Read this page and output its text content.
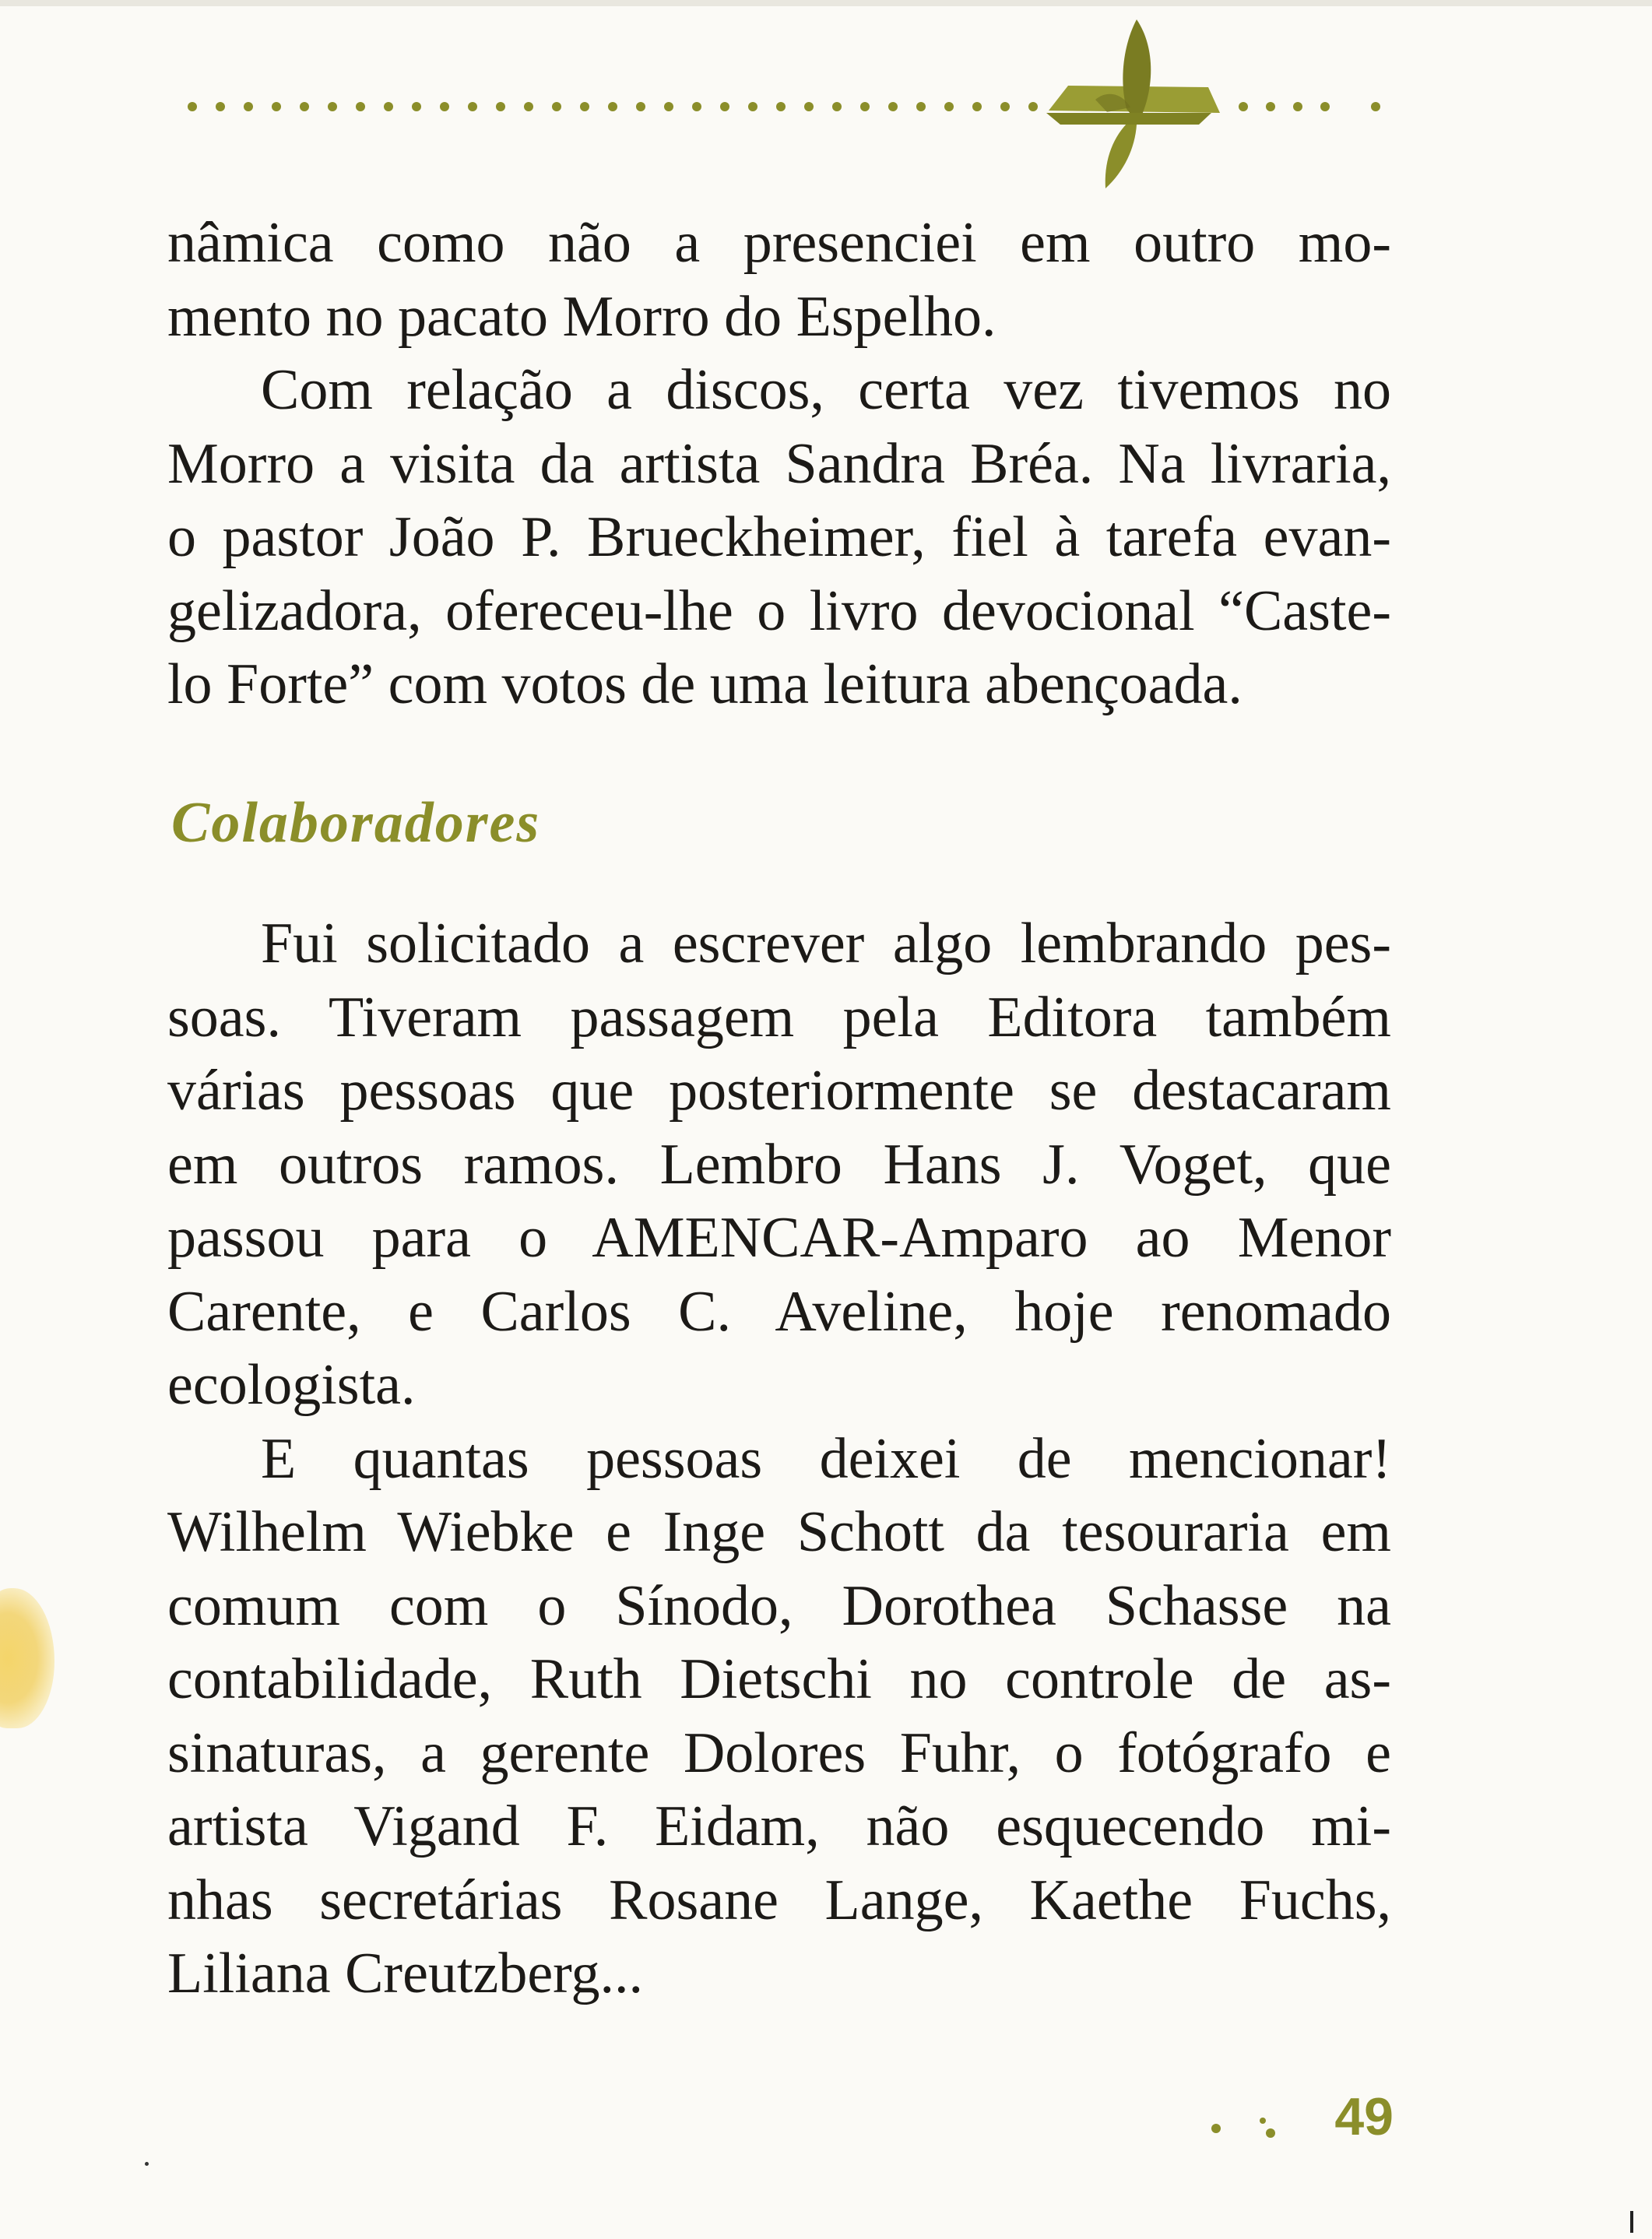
nâmica como não a presenciei em outro mo-
mento no pacato Morro do Espelho.

Com relação a discos, certa vez tivemos no
Morro a visita da artista Sandra Bréa. Na livraria,
o pastor João P. Brueckheimer, fiel à tarefa evan-
gelizadora, ofereceu-lhe o livro devocional “Caste-
lo Forte” com votos de uma leitura abençoada.

Colaboradores

Fui solicitado a escrever algo lembrando pes-
soas. Tiveram passagem pela Editora também
várias pessoas que posteriormente se destacaram
em outros ramos. Lembro Hans J. Voget, que
passou para o AMENCAR-Amparo ao Menor
Carente, e Carlos C. Aveline, hoje renomado
ecologista.

E quantas pessoas deixei de mencionar!
Wilhelm Wiebke e Inge Schott da tesouraria em
comum com o Sínodo, Dorothea Schasse na
contabilidade, Ruth Dietschi no controle de as-
sinaturas, a gerente Dolores Fuhr, o fotógrafo e
artista Vigand F. Eidam, não esquecendo mi-
nhas secretárias Rosane Lange, Kaethe Fuchs,
Liliana Creutzberg...

49
